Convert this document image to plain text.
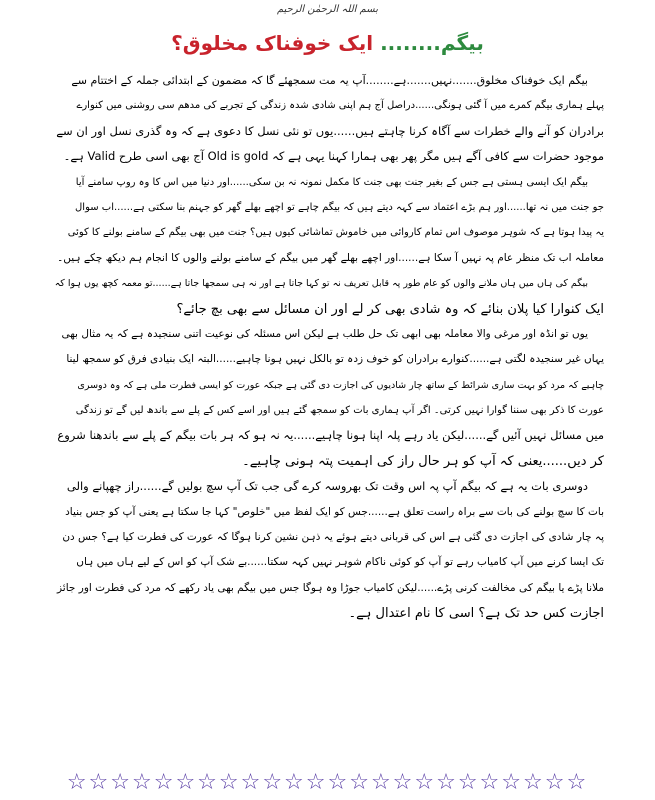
بسم اللہ الرحمٰن الرحیم
بیگم........ ایک خوفناک مخلوق؟
بیگم ایک خوفناک مخلوق.......نہیں.......ہے........آپ یہ مت سمجھئے گا کہ مضمون کے ابتدائی جملہ کے اختتام سے
پہلے ہماری بیگم کمرے میں آ گئی ہونگی......دراصل آج ہم اپنی شادی شدہ زندگی کے تجربے کی مدھم سی روشنی میں کنوارے
برادران کو آنے والے خطرات سے آگاہ کرنا چاہتے ہیں......یوں تو نئی نسل کا دعوی ہے کہ وہ گذری نسل اور ان سے
موجود حضرات سے کافی آگے ہیں مگر پھر بھی ہمارا کہنا یہی ہے کہ Old is gold آج بھی اسی طرح Valid ہے۔
بیگم ایک ایسی ہستی ہے جس کے بغیر جنت بھی جنت کا مکمل نمونہ نہ بن سکی......اور دنیا میں اس کا وہ روپ سامنے آیا
جو جنت میں نہ تھا......اور ہم بڑے اعتماد سے کہہ دیتے ہیں کہ بیگم چاہے تو اچھے بھلے گھر کو جہنم بنا سکتی ہے......اب سوال
یہ پیدا ہوتا ہے کہ شوہر موصوف اس تمام کاروائی میں خاموش تماشائی کیوں ہیں؟ جنت میں بھی بیگم کے سامنے بولنے کا کوئی
معاملہ اب تک منظر عام پہ نہیں آ سکا ہے......اور اچھے بھلے گھر میں بیگم کے سامنے بولنے والوں کا انجام ہم دیکھ چکے ہیں۔
بیگم کی ہاں میں ہاں ملانے والوں کو عام طور پہ قابل تعریف نہ تو کہا جاتا ہے اور نہ ہی سمجھا جاتا ہے......تو معمہ کچھ یوں ہوا کہ
ایک کنوارا کیا پلان بنائے کہ وہ شادی بھی کر لے اور ان مسائل سے بھی بچ جائے؟
یوں تو انڈہ اور مرغی والا معاملہ بھی ابھی تک حل طلب ہے لیکن اس مسئلہ کی نوعیت اتنی سنجیدہ ہے کہ یہ مثال بھی
یہاں غیر سنجیدہ لگتی ہے......کنوارے برادران کو خوف زدہ تو بالکل نہیں ہونا چاہیے......البتہ ایک بنیادی فرق کو سمجھ لینا
چاہیے کہ مرد کو بہت ساری شرائط کے ساتھ چار شادیوں کی اجازت دی گئی ہے جبکہ عورت کو ایسی فطرت ملی ہے کہ وہ دوسری
عورت کا ذکر بھی سننا گوارا نہیں کرتی۔ اگر آپ ہماری بات کو سمجھ گئے ہیں اور اسے کس کے پلے سے باندھ لیں گے تو زندگی
میں مسائل نہیں آئیں گے......لیکن یاد رہے پلہ اپنا ہونا چاہیے......یہ نہ ہو کہ ہر بات بیگم کے پلے سے باندھنا شروع
کر دیں......یعنی کہ آپ کو ہر حال راز کی اہمیت پتہ ہونی چاہیے۔
دوسری بات یہ ہے کہ بیگم آپ پہ اس وقت تک بھروسہ کرے گی جب تک آپ سچ بولیں گے......راز چھپانے والی
بات کا سچ بولنے کی بات سے براہ راست تعلق ہے......جس کو ایک لفظ میں "خلوص" کہا جا سکتا ہے یعنی آپ کو جس بنیاد
پہ چار شادی کی اجازت دی گئی ہے اس کی قربانی دیتے ہوئے یہ ذہن نشین کرنا ہوگا کہ عورت کی فطرت کیا ہے؟ جس دن
تک ایسا کرنے میں آپ کامیاب رہے تو آپ کو کوئی ناکام شوہر نہیں کہہ سکتا......بے شک آپ کو اس کے لیے ہاں میں ہاں
ملانا پڑے یا بیگم کی مخالفت کرنی پڑے......لیکن کامیاب جوڑا وہ ہوگا جس میں بیگم بھی یاد رکھے کہ مرد کی فطرت اور جائز
اجازت کس حد تک ہے؟ اسی کا نام اعتدال ہے۔
☆☆☆☆☆☆☆☆☆☆☆☆☆☆☆☆☆☆☆☆☆☆☆☆
